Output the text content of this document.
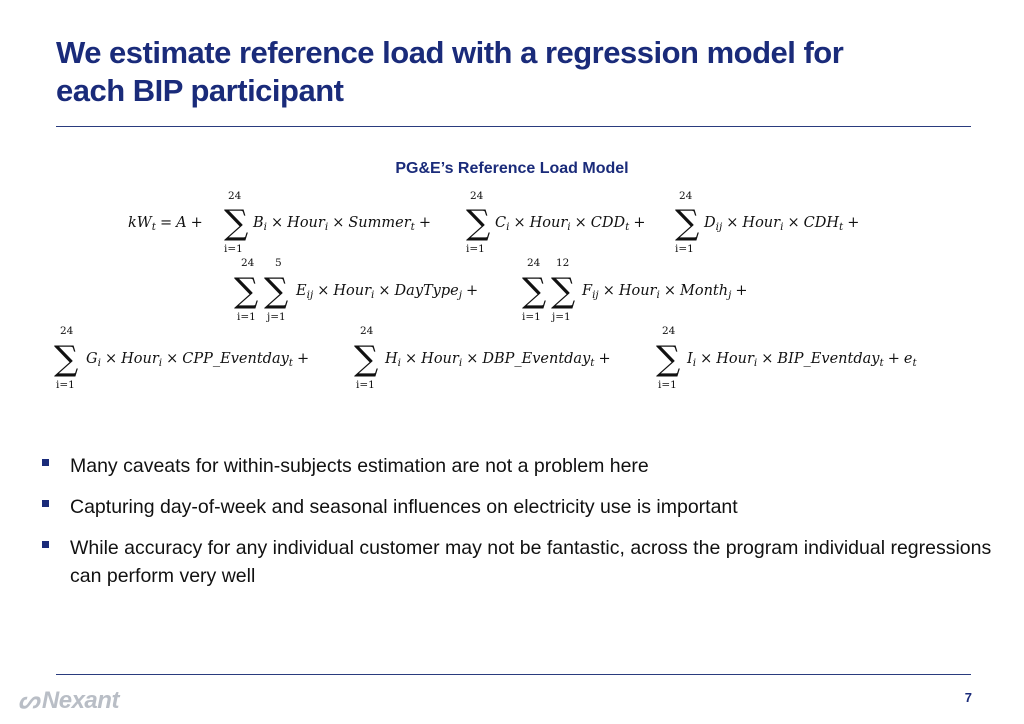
We estimate reference load with a regression model for
each BIP participant
PG&E’s Reference Load Model
$kW_t = A$ + ∑
24
i=1
$B_i$ × Hour$_i$ × Summer$_t$ + ∑
24
i=1
$C_i$ × Hour$_i$ × $CDD_t$ + ∑
24
i=1
$D_{ij}$ × Hour$_i$ × $CDH_t$ +
∑
24
i=1
∑
5
j=1
$E_{ij}$ × Hour$_i$ × DayType$_j$ + ∑
24
i=1
∑
12
j=1
$F_{ij}$ × Hour$_i$ × Month$_j$ +
∑
24
i=1
$G_i$ × Hour$_i$ × CPP_Eventday$_t$ + ∑
24
i=1
$H_i$ × Hour$_i$ × DBP_Eventday$_t$ + ∑
24
i=1
$I_i$ × Hour$_i$ × BIP_Eventday$_t$ + $e_t$
Many caveats for within-subjects estimation are not a problem here
Capturing day-of-week and seasonal influences on electricity use is important
While accuracy for any individual customer may not be fantastic, across the program individual regressions can perform very well
ᔕ Nexant	7
